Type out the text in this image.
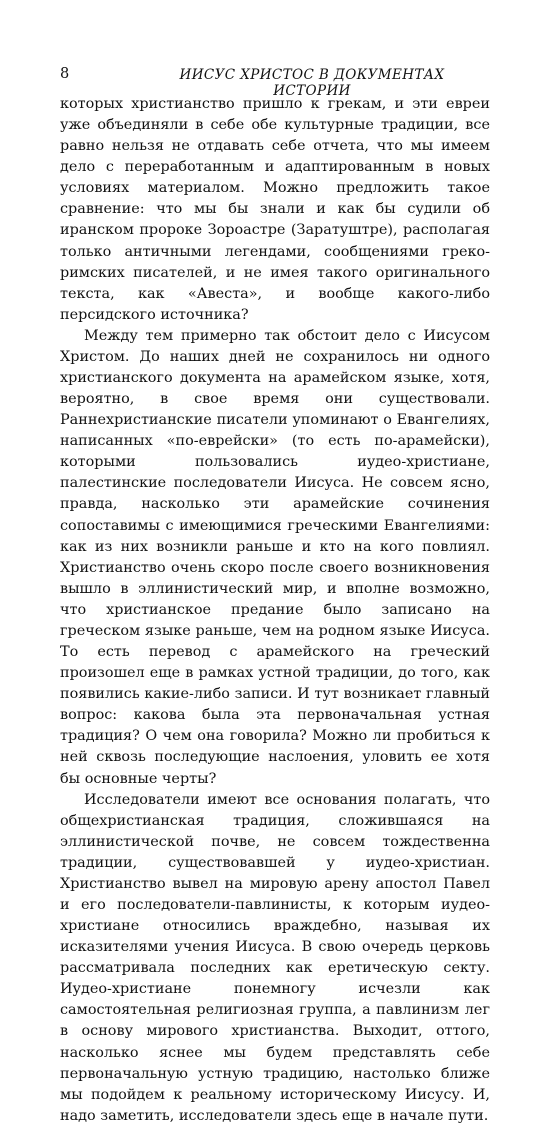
8	ИИСУС ХРИСТОС В ДОКУМЕНТАХ ИСТОРИИ

которых христианство пришло к грекам, и эти евреи уже объединяли в себе обе культурные традиции, все равно нельзя не отдавать себе отчета, что мы имеем дело с переработанным и адаптированным в новых условиях материалом. Можно предложить такое сравнение: что мы бы знали и как бы судили об иранском пророке Зороастре (Заратуштре), располагая только античными легендами, сообщениями греко-римских писателей, и не имея такого оригинального текста, как «Авеста», и вообще какого-либо персидского источника?

Между тем примерно так обстоит дело с Иисусом Христом. До наших дней не сохранилось ни одного христианского документа на арамейском языке, хотя, вероятно, в свое время они существовали. Раннехристианские писатели упоминают о Евангелиях, написанных «по-еврейски» (то есть по-арамейски), которыми пользовались иудео-христиане, палестинские последователи Иисуса. Не совсем ясно, правда, насколько эти арамейские сочинения сопоставимы с имеющимися греческими Евангелиями: как из них возникли раньше и кто на кого повлиял. Христианство очень скоро после своего возникновения вышло в эллинистический мир, и вполне возможно, что христианское предание было записано на греческом языке раньше, чем на родном языке Иисуса. То есть перевод с арамейского на греческий произошел еще в рамках устной традиции, до того, как появились какие-либо записи. И тут возникает главный вопрос: какова была эта первоначальная устная традиция? О чем она говорила? Можно ли пробиться к ней сквозь последующие наслоения, уловить ее хотя бы основные черты?

Исследователи имеют все основания полагать, что общехристианская традиция, сложившаяся на эллинистической почве, не совсем тождественна традиции, существовавшей у иудео-христиан. Христианство вывел на мировую арену апостол Павел и его последователи-павлинисты, к которым иудео-христиане относились враждебно, называя их исказителями учения Иисуса. В свою очередь церковь рассматривала последних как еретическую секту. Иудео-христиане понемногу исчезли как самостоятельная религиозная группа, а павлинизм лег в основу мирового христианства. Выходит, оттого, насколько яснее мы будем представлять себе первоначальную устную традицию, настолько ближе мы подойдем к реальному историческому Иисусу. И, надо заметить, исследователи здесь еще в начале пути.
